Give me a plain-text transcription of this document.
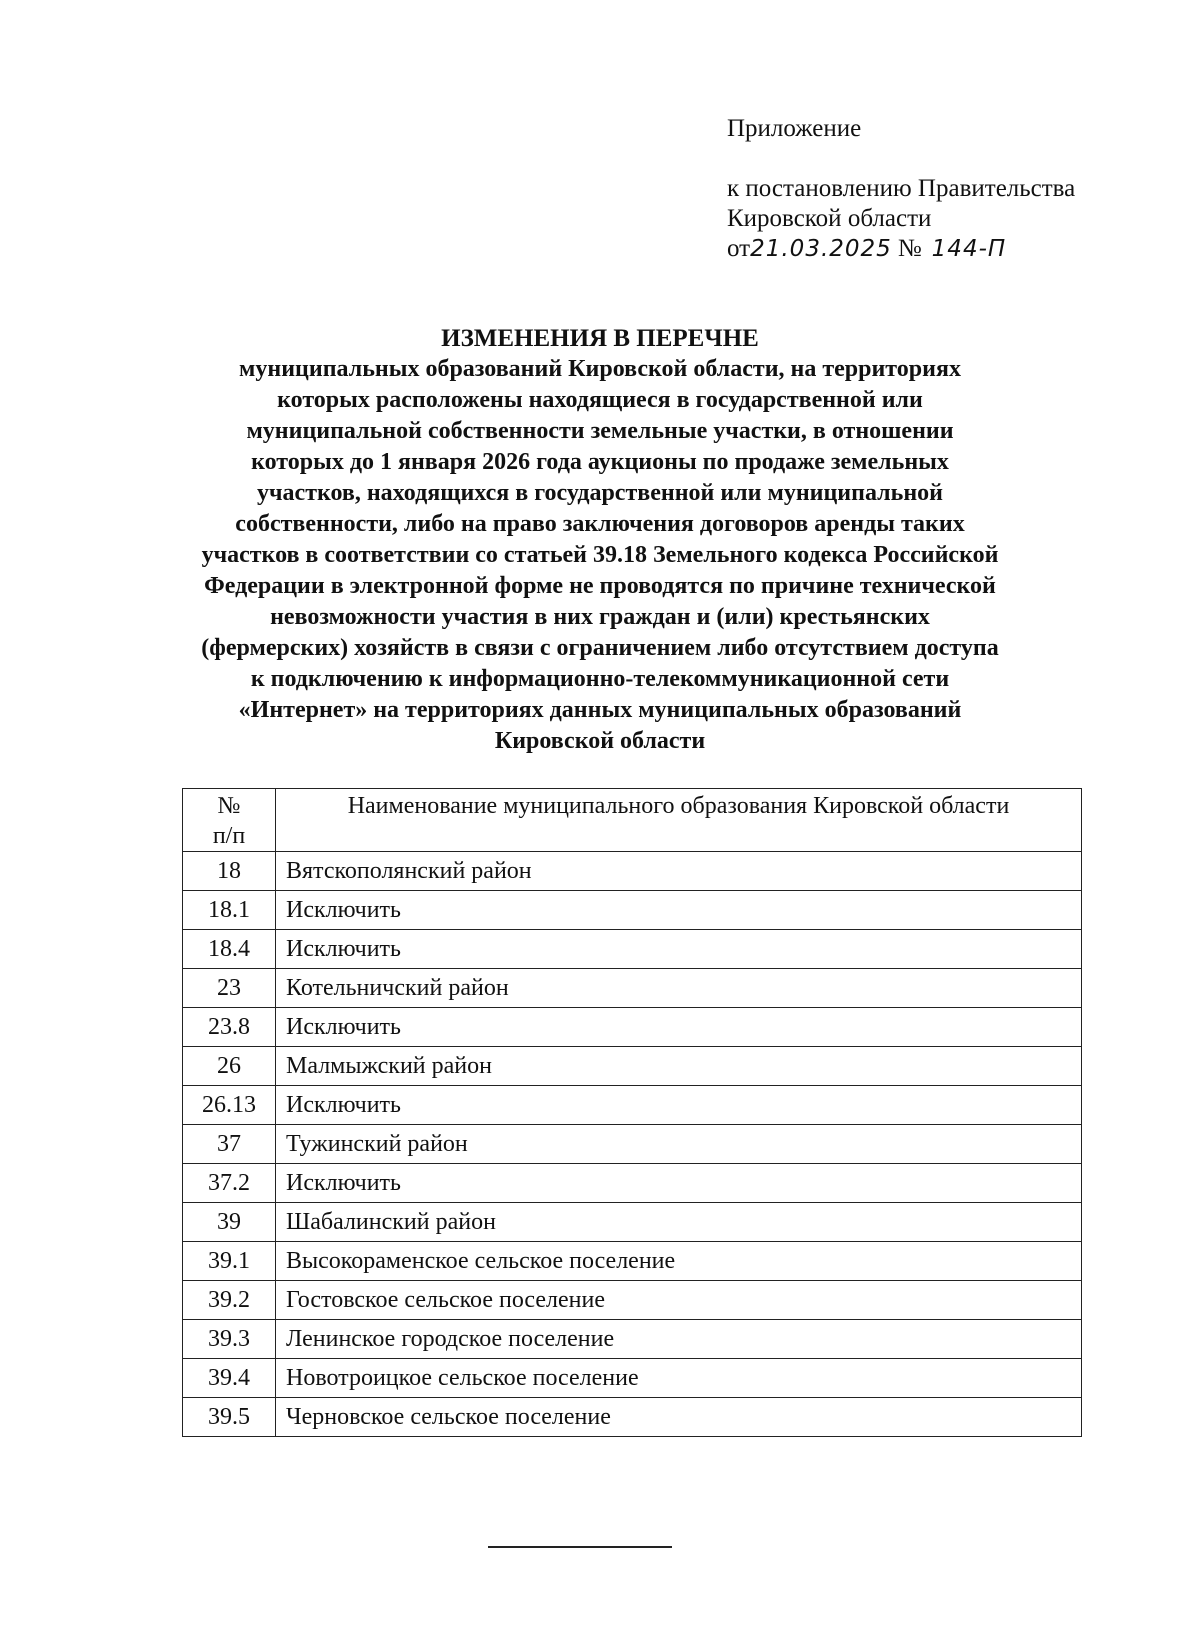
Приложение
к постановлению Правительства
Кировской области
от21.03.2025 № 144-П
ИЗМЕНЕНИЯ В ПЕРЕЧНЕ
муниципальных образований Кировской области, на территориях
которых расположены находящиеся в государственной или
муниципальной собственности земельные участки, в отношении
которых до 1 января 2026 года аукционы по продаже земельных
участков, находящихся в государственной или муниципальной
собственности, либо на право заключения договоров аренды таких
участков в соответствии со статьей 39.18 Земельного кодекса Российской
Федерации в электронной форме не проводятся по причине технической
невозможности участия в них граждан и (или) крестьянских
(фермерских) хозяйств в связи с ограничением либо отсутствием доступа
к подключению к информационно-телекоммуникационной сети
«Интернет» на территориях данных муниципальных образований
Кировской области
№
п/п	Наименование муниципального образования Кировской области
18	Вятскополянский район
18.1	Исключить
18.4	Исключить
23	Котельничский район
23.8	Исключить
26	Малмыжский район
26.13	Исключить
37	Тужинский район
37.2	Исключить
39	Шабалинский район
39.1	Высокораменское сельское поселение
39.2	Гостовское сельское поселение
39.3	Ленинское городское поселение
39.4	Новотроицкое сельское поселение
39.5	Черновское сельское поселение
